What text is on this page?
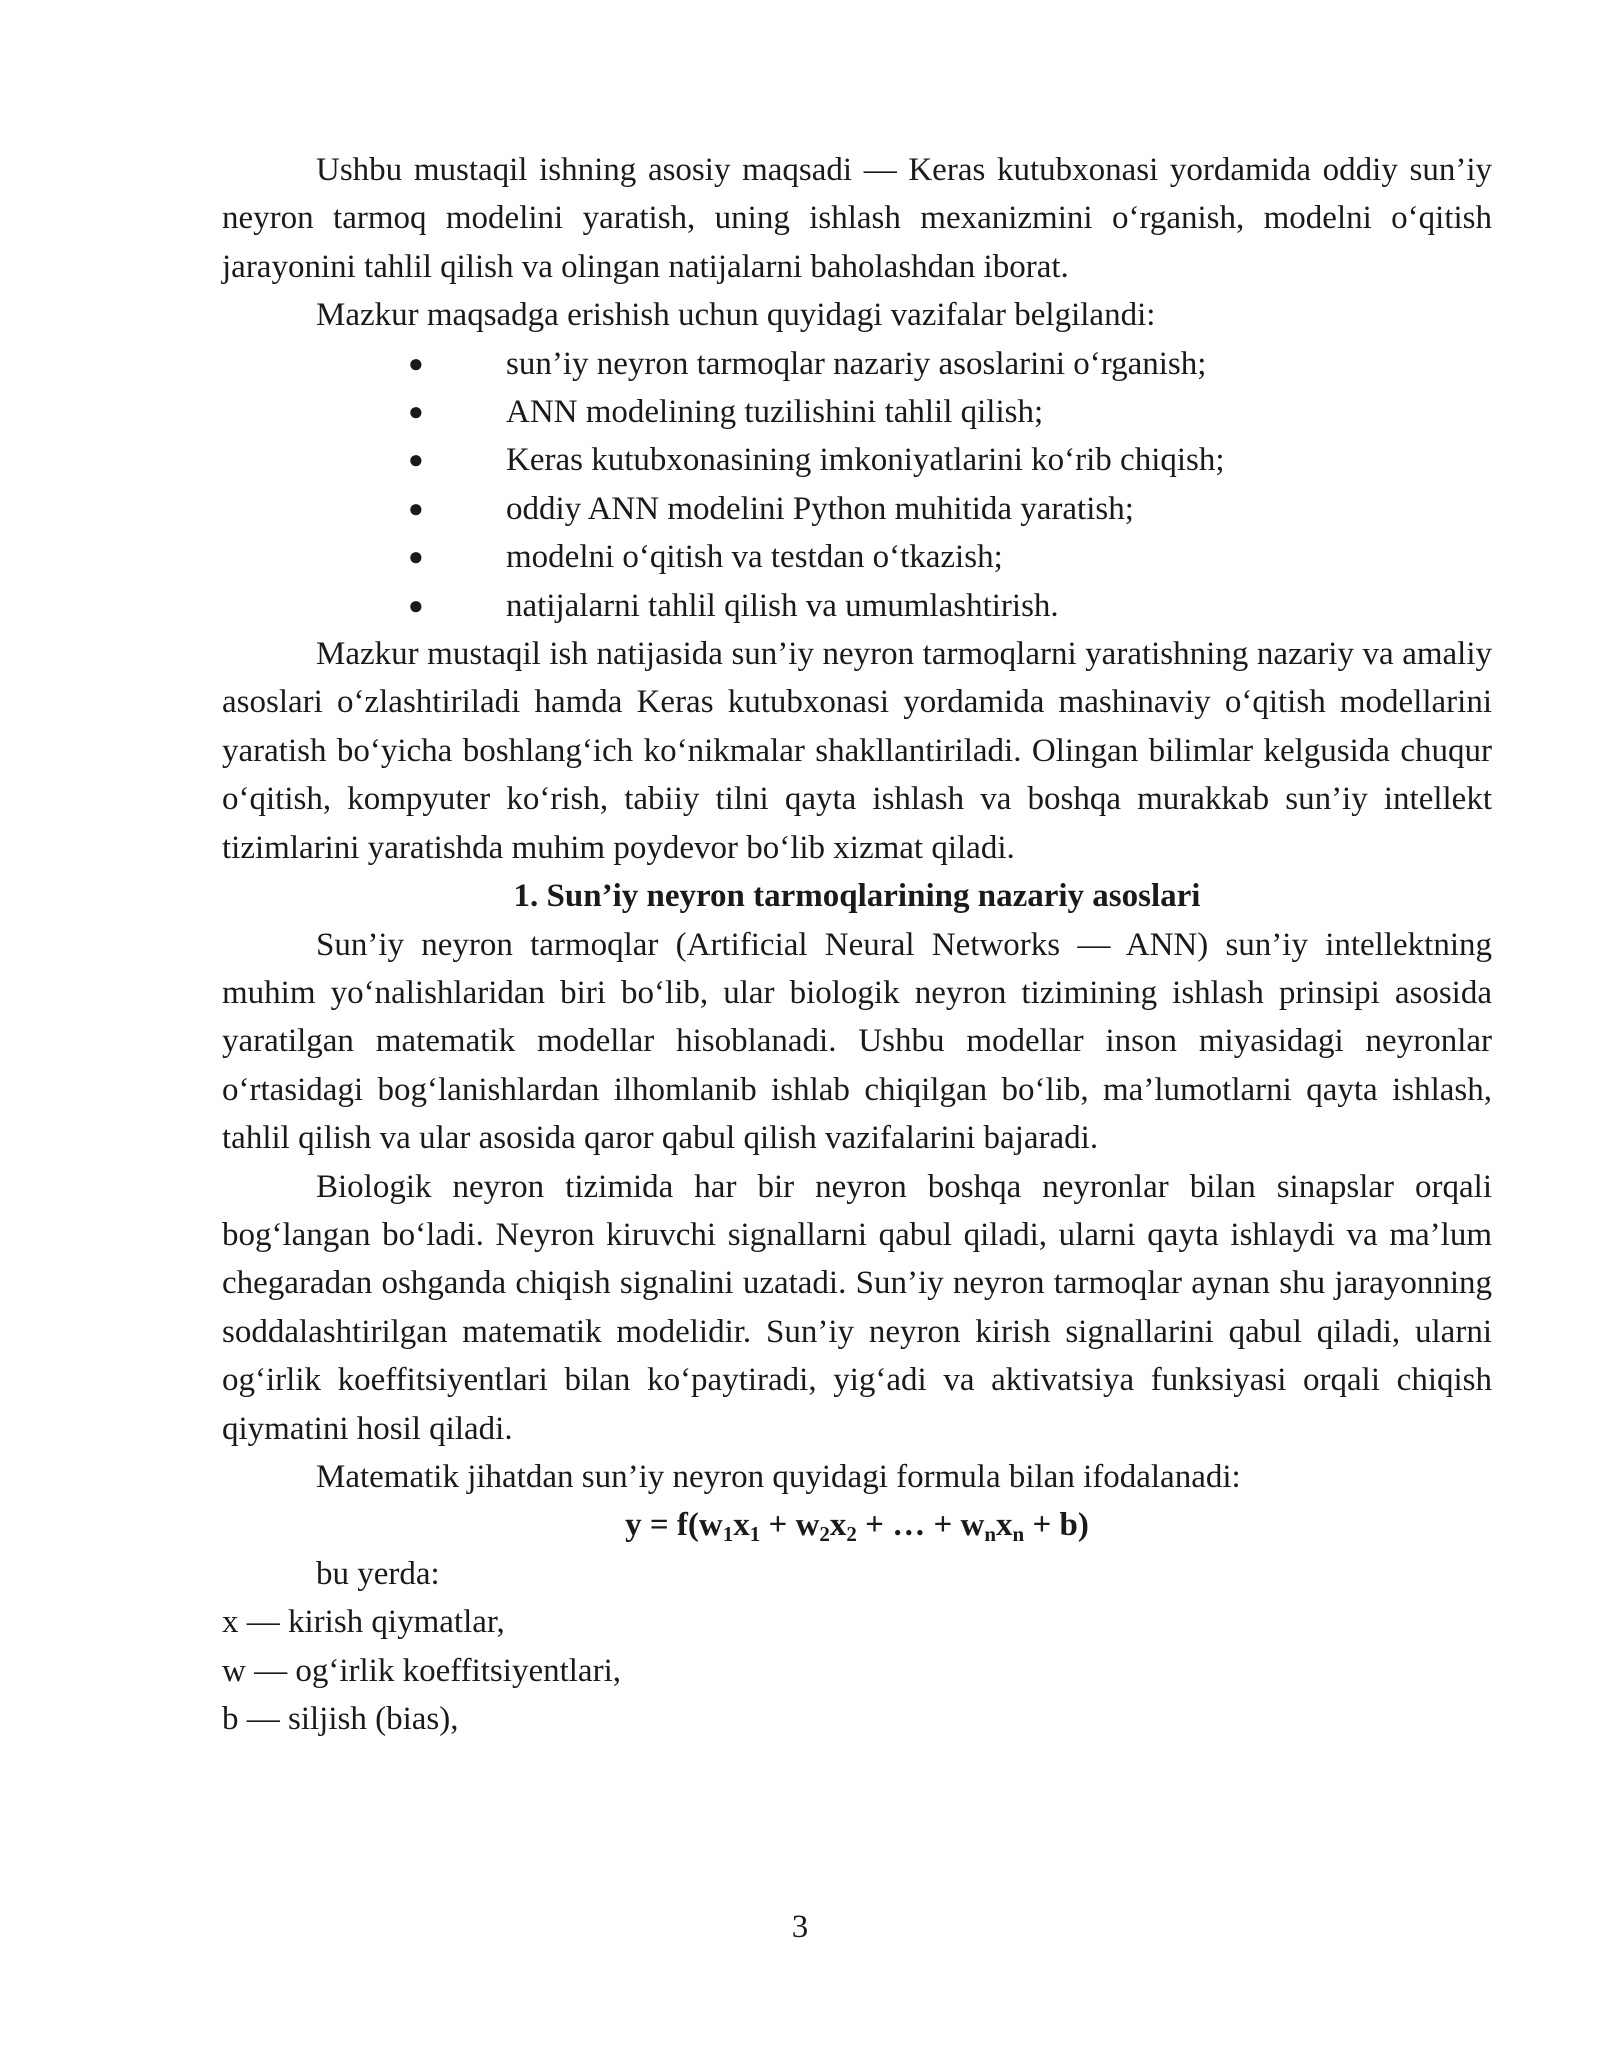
Ushbu mustaqil ishning asosiy maqsadi — Keras kutubxonasi yordamida oddiy sun’iy neyron tarmoq modelini yaratish, uning ishlash mexanizmini o‘rganish, modelni o‘qitish jarayonini tahlil qilish va olingan natijalarni baholashdan iborat.

Mazkur maqsadga erishish uchun quyidagi vazifalar belgilandi:

● sun’iy neyron tarmoqlar nazariy asoslarini o‘rganish;
● ANN modelining tuzilishini tahlil qilish;
● Keras kutubxonasining imkoniyatlarini ko‘rib chiqish;
● oddiy ANN modelini Python muhitida yaratish;
● modelni o‘qitish va testdan o‘tkazish;
● natijalarni tahlil qilish va umumlashtirish.

Mazkur mustaqil ish natijasida sun’iy neyron tarmoqlarni yaratishning nazariy va amaliy asoslari o‘zlashtiriladi hamda Keras kutubxonasi yordamida mashinaviy o‘qitish modellarini yaratish bo‘yicha boshlang‘ich ko‘nikmalar shakllantiriladi. Olingan bilimlar kelgusida chuqur o‘qitish, kompyuter ko‘rish, tabiiy tilni qayta ishlash va boshqa murakkab sun’iy intellekt tizimlarini yaratishda muhim poydevor bo‘lib xizmat qiladi.

1. Sun’iy neyron tarmoqlarining nazariy asoslari

Sun’iy neyron tarmoqlar (Artificial Neural Networks — ANN) sun’iy intellektning muhim yo‘nalishlaridan biri bo‘lib, ular biologik neyron tizimining ishlash prinsipi asosida yaratilgan matematik modellar hisoblanadi. Ushbu modellar inson miyasidagi neyronlar o‘rtasidagi bog‘lanishlardan ilhomlanib ishlab chiqilgan bo‘lib, ma’lumotlarni qayta ishlash, tahlil qilish va ular asosida qaror qabul qilish vazifalarini bajaradi.

Biologik neyron tizimida har bir neyron boshqa neyronlar bilan sinapslar orqali bog‘langan bo‘ladi. Neyron kiruvchi signallarni qabul qiladi, ularni qayta ishlaydi va ma’lum chegaradan oshganda chiqish signalini uzatadi. Sun’iy neyron tarmoqlar aynan shu jarayonning soddalashtirilgan matematik modelidir. Sun’iy neyron kirish signallarini qabul qiladi, ularni og‘irlik koeffitsiyentlari bilan ko‘paytiradi, yig‘adi va aktivatsiya funksiyasi orqali chiqish qiymatini hosil qiladi.

Matematik jihatdan sun’iy neyron quyidagi formula bilan ifodalanadi:

$y = f(w_1x_1 + w_2x_2$ + … + $w_nx_n + b$)

bu yerda:

x — kirish qiymatlar,

w — og‘irlik koeffitsiyentlari,

b — siljish (bias),

3
